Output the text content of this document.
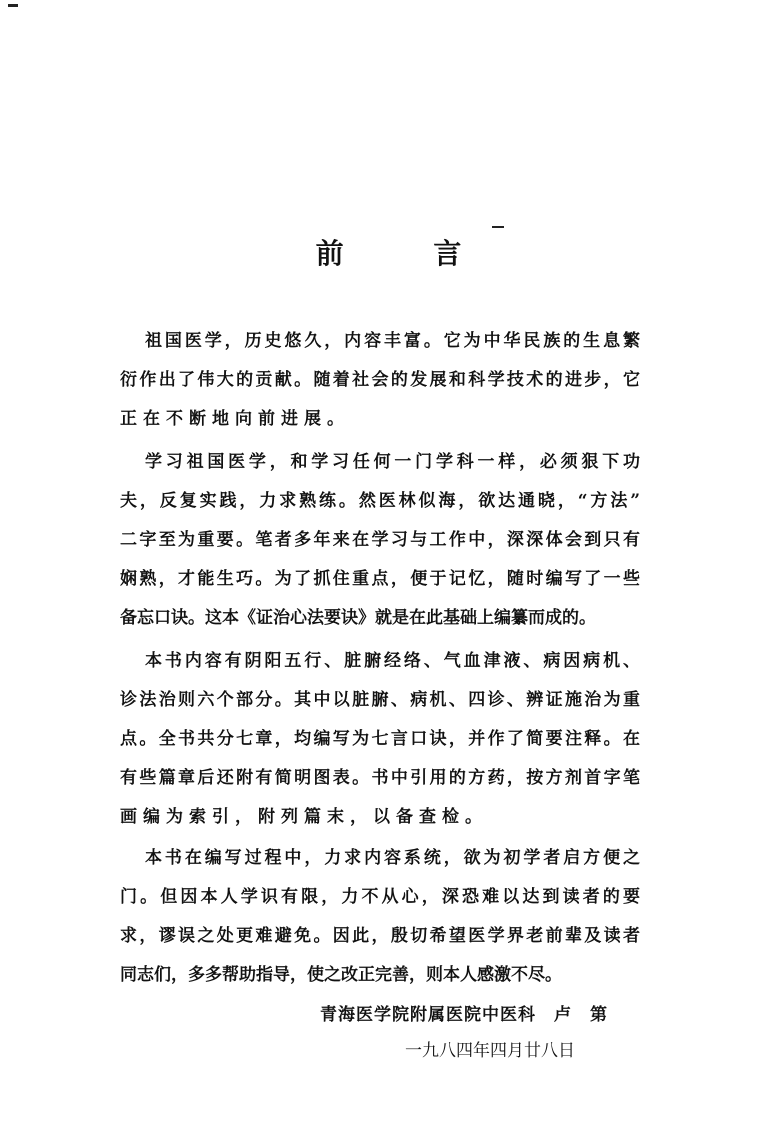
前 言
祖国医学，历史悠久，内容丰富。它为中华民族的生息繁
衍作出了伟大的贡献。随着社会的发展和科学技术的进步，它
正在不断地向前进展。
学习祖国医学，和学习任何一门学科一样，必须狠下功
夫，反复实践，力求熟练。然医林似海，欲达通晓，“方法”
二字至为重要。笔者多年来在学习与工作中，深深体会到只有
娴熟，才能生巧。为了抓住重点，便于记忆，随时编写了一些
备忘口诀。这本《证治心法要诀》就是在此基础上编纂而成的。
本书内容有阴阳五行、脏腑经络、气血津液、病因病机、
诊法治则六个部分。其中以脏腑、病机、四诊、辨证施治为重
点。全书共分七章，均编写为七言口诀，并作了简要注释。在
有些篇章后还附有简明图表。书中引用的方药，按方剂首字笔
画编为索引，附列篇末，以备查检。
本书在编写过程中，力求内容系统，欲为初学者启方便之
门。但因本人学识有限，力不从心，深恐难以达到读者的要
求，谬误之处更难避免。因此，殷切希望医学界老前辈及读者
同志们，多多帮助指导，使之改正完善，则本人感激不尽。
青海医学院附属医院中医科　卢　第
一九八四年四月廿八日
